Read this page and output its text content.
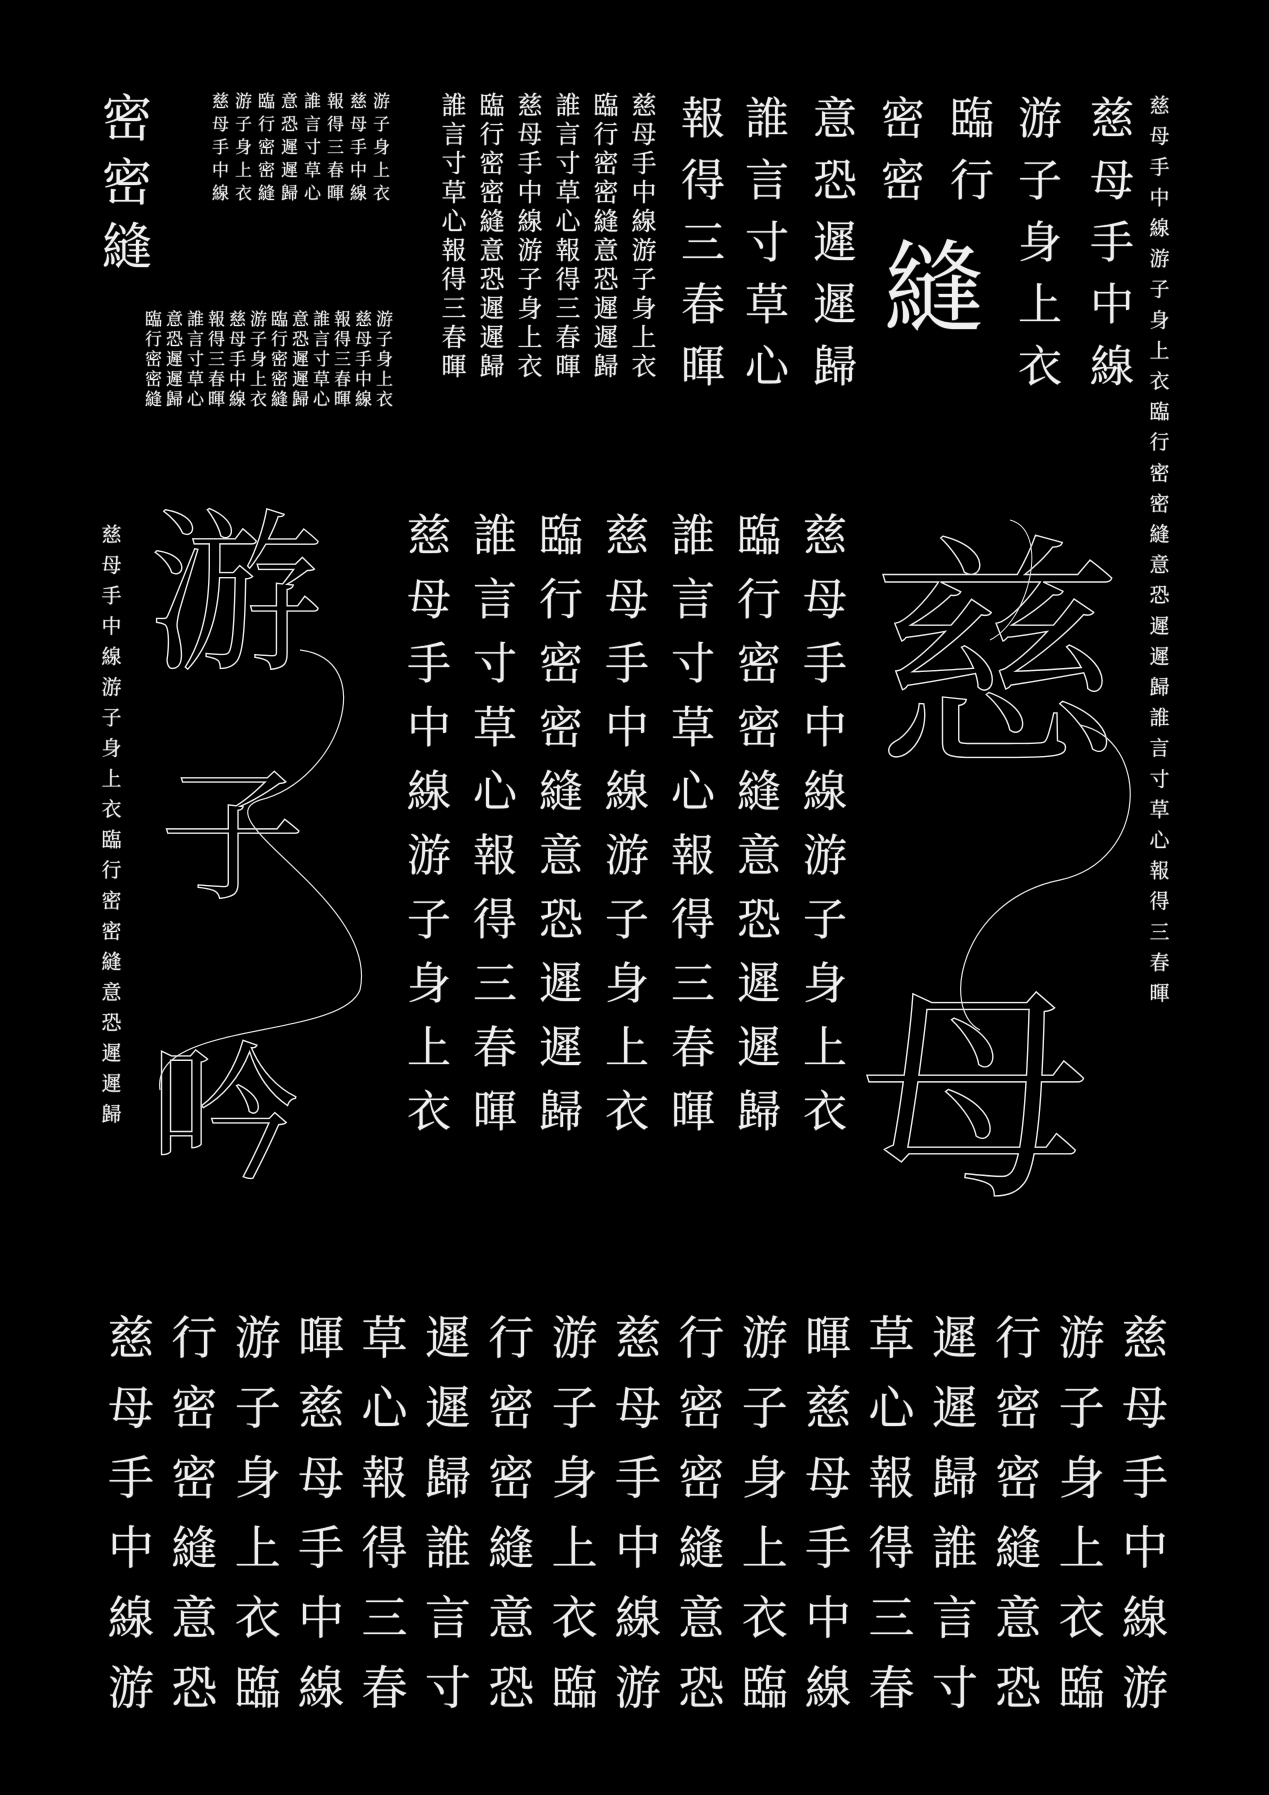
密密縫	游子身上衣
慈母手中線
報得三春暉
誰言寸草心
意恐遲遲歸
臨行密密縫
游子身上衣
慈母手中線
游子身上衣
慈母手中線
報得三春暉
誰言寸草心
意恐遲遲歸
臨行密密縫
游子身上衣
慈母手中線
報得三春暉
誰言寸草心
意恐遲遲歸
臨行密密縫	慈母手中線游子身上衣
臨行密密縫意恐遲遲歸
誰言寸草心報得三春暉
慈母手中線游子身上衣
臨行密密縫意恐遲遲歸
誰言寸草心報得三春暉	慈母手中線
游子身上衣
臨行
密密
縫
意恐遲遲歸
誰言寸草心
報得三春暉	慈母手中線游子身上衣臨行密密縫意恐遲遲歸誰言寸草心報得三春暉
慈母手中線游子身上衣臨行密密縫意恐遲遲歸	慈母手中線游子身上衣
臨行密密縫意恐遲遲歸
誰言寸草心報得三春暉
慈母手中線游子身上衣
臨行密密縫意恐遲遲歸
誰言寸草心報得三春暉
慈母手中線游子身上衣
游
子
吟
慈
母
慈 行 游 暉 草 遲 行 游 慈 行 游 暉 草 遲 行 游 慈
母 密 子 慈 心 遲 密 子 母 密 子 慈 心 遲 密 子 母
手 密 身 母 報 歸 密 身 手 密 身 母 報 歸 密 身 手
中 縫 上 手 得 誰 縫 上 中 縫 上 手 得 誰 縫 上 中
線 意 衣 中 三 言 意 衣 線 意 衣 中 三 言 意 衣 線
游 恐 臨 線 春 寸 恐 臨 游 恐 臨 線 春 寸 恐 臨 游
